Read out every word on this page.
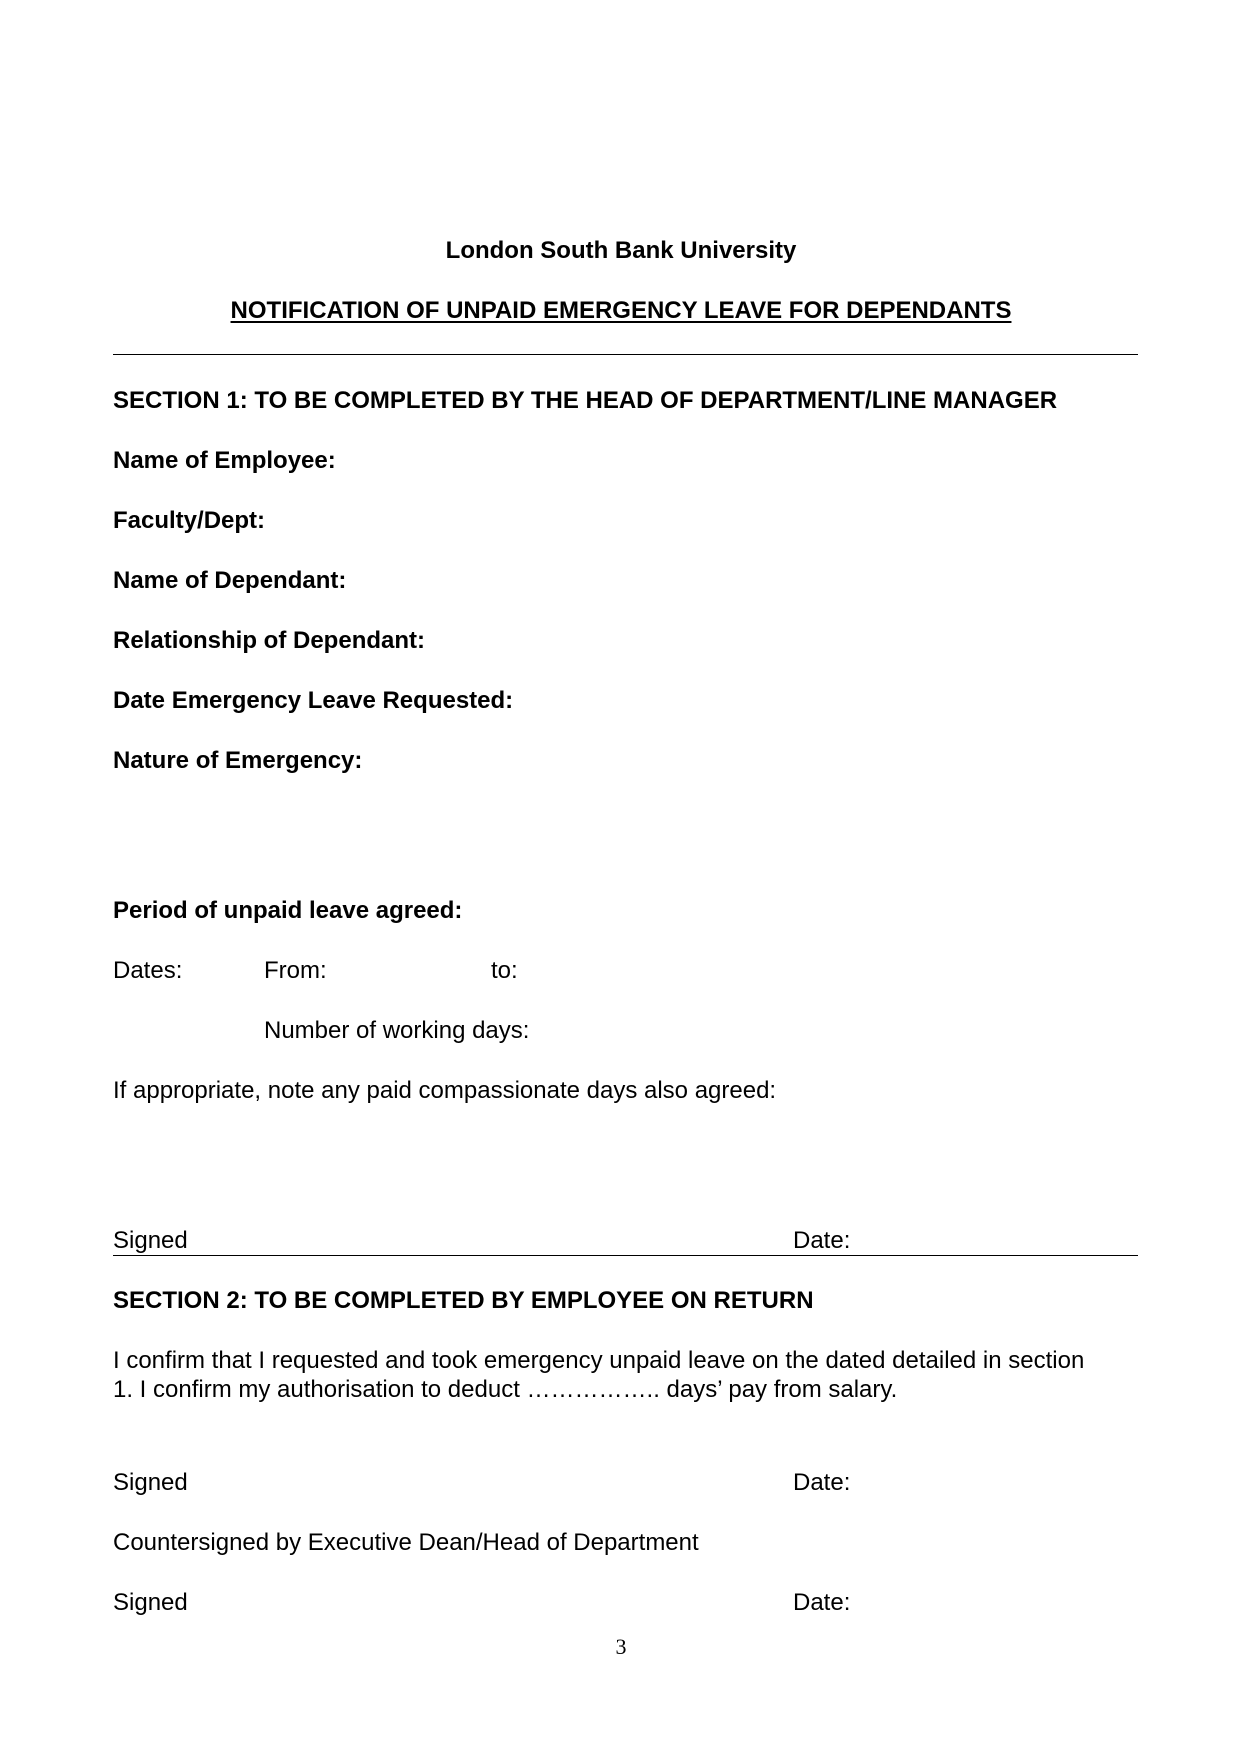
London South Bank University
NOTIFICATION OF UNPAID EMERGENCY LEAVE FOR DEPENDANTS
SECTION 1: TO BE COMPLETED BY THE HEAD OF DEPARTMENT/LINE MANAGER
Name of Employee:
Faculty/Dept:
Name of Dependant:
Relationship of Dependant:
Date Emergency Leave Requested:
Nature of Emergency:
Period of unpaid leave agreed:
Dates:	From:	to:
Number of working days:
If appropriate, note any paid compassionate days also agreed:
Signed	Date:
SECTION 2: TO BE COMPLETED BY EMPLOYEE ON RETURN
I confirm that I requested and took emergency unpaid leave on the dated detailed in section
1. I confirm my authorisation to deduct …………….. days’ pay from salary.
Signed	Date:
Countersigned by Executive Dean/Head of Department
Signed	Date:
3
